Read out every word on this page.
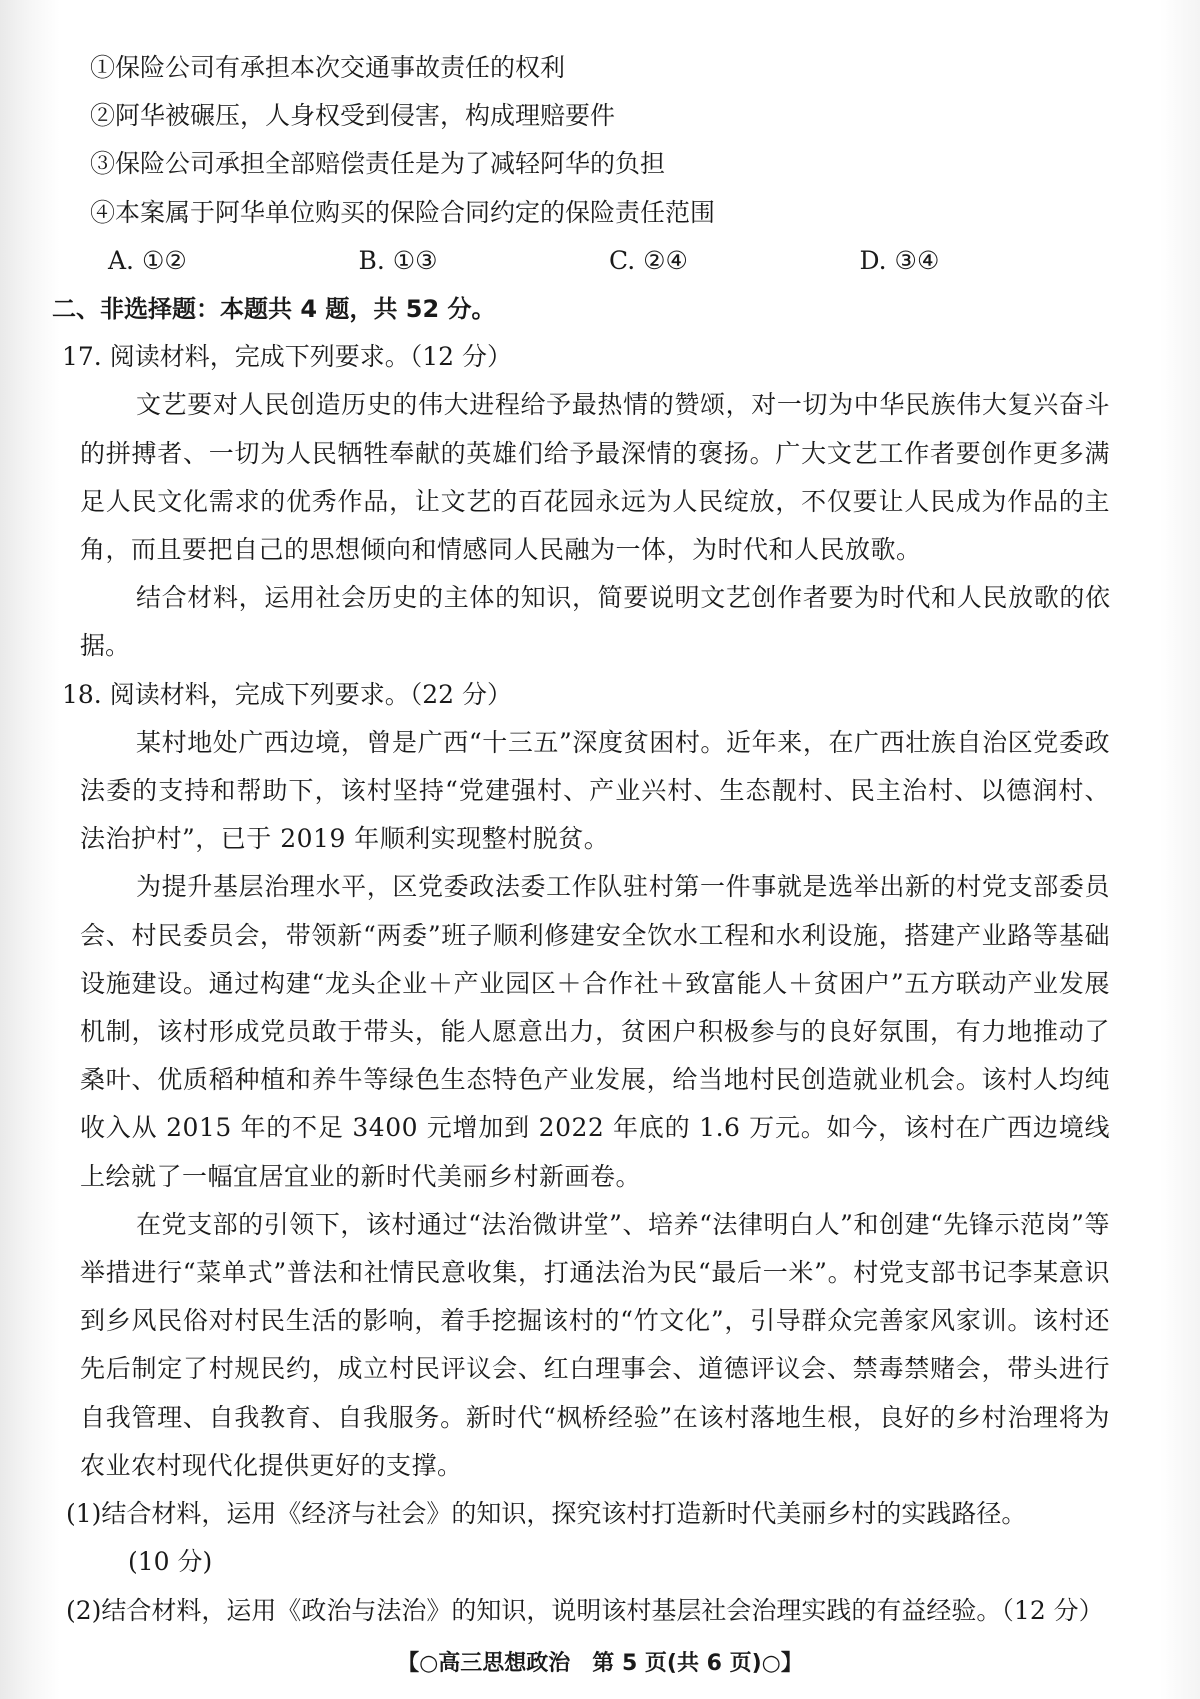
①保险公司有承担本次交通事故责任的权利
②阿华被碾压，人身权受到侵害，构成理赔要件
③保险公司承担全部赔偿责任是为了减轻阿华的负担
④本案属于阿华单位购买的保险合同约定的保险责任范围
A. ①②	B. ①③	C. ②④	D. ③④
二、非选择题：本题共 4 题，共 52 分。
17. 阅读材料，完成下列要求。（12 分）
文艺要对人民创造历史的伟大进程给予最热情的赞颂，对一切为中华民族伟大复兴奋斗的拼搏者、一切为人民牺牲奉献的英雄们给予最深情的褒扬。广大文艺工作者要创作更多满足人民文化需求的优秀作品，让文艺的百花园永远为人民绽放，不仅要让人民成为作品的主角，而且要把自己的思想倾向和情感同人民融为一体，为时代和人民放歌。
结合材料，运用社会历史的主体的知识，简要说明文艺创作者要为时代和人民放歌的依据。
18. 阅读材料，完成下列要求。（22 分）
某村地处广西边境，曾是广西“十三五”深度贫困村。近年来，在广西壮族自治区党委政法委的支持和帮助下，该村坚持“党建强村、产业兴村、生态靓村、民主治村、以德润村、法治护村”，已于 2019 年顺利实现整村脱贫。
为提升基层治理水平，区党委政法委工作队驻村第一件事就是选举出新的村党支部委员会、村民委员会，带领新“两委”班子顺利修建安全饮水工程和水利设施，搭建产业路等基础设施建设。通过构建“龙头企业＋产业园区＋合作社＋致富能人＋贫困户”五方联动产业发展机制，该村形成党员敢于带头，能人愿意出力，贫困户积极参与的良好氛围，有力地推动了桑叶、优质稻种植和养牛等绿色生态特色产业发展，给当地村民创造就业机会。该村人均纯收入从 2015 年的不足 3400 元增加到 2022 年底的 1.6 万元。如今，该村在广西边境线上绘就了一幅宜居宜业的新时代美丽乡村新画卷。
在党支部的引领下，该村通过“法治微讲堂”、培养“法律明白人”和创建“先锋示范岗”等举措进行“菜单式”普法和社情民意收集，打通法治为民“最后一米”。村党支部书记李某意识到乡风民俗对村民生活的影响，着手挖掘该村的“竹文化”，引导群众完善家风家训。该村还先后制定了村规民约，成立村民评议会、红白理事会、道德评议会、禁毒禁赌会，带头进行自我管理、自我教育、自我服务。新时代“枫桥经验”在该村落地生根，良好的乡村治理将为农业农村现代化提供更好的支撑。
(1)结合材料，运用《经济与社会》的知识，探究该村打造新时代美丽乡村的实践路径。
(10 分)
(2)结合材料，运用《政治与法治》的知识，说明该村基层社会治理实践的有益经验。（12 分）
【○高三思想政治　第 5 页(共 6 页)○】
